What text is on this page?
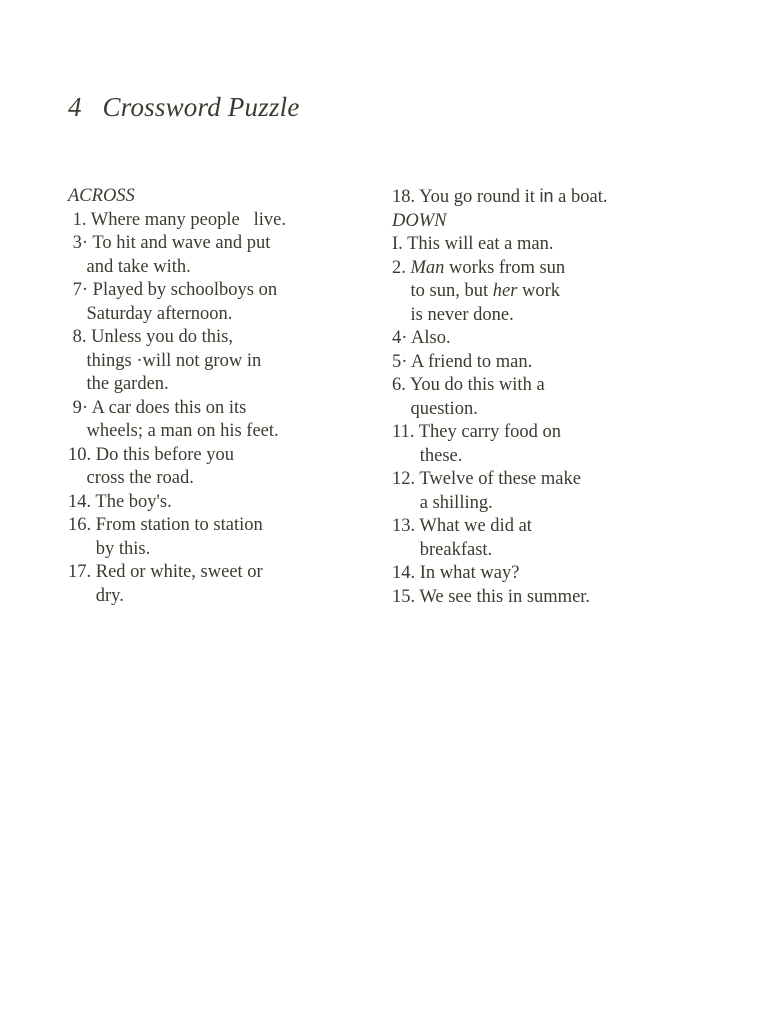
4   Crossword Puzzle
ACROSS
1. Where many people   live.
3· To hit and wave and put
and take with.
7· Played by schoolboys on
Saturday afternoon.
8. Unless you do this,
things ·will not grow in
the garden.
9· A car does this on its
wheels; a man on his feet.
10. Do this before you
cross the road.
14. The boy's.
16. From station to station
by this.
17. Red or white, sweet or
dry.
18. You go round it in a boat.
DOWN
I. This will eat a man.
2. Man works from sun
to sun, but her work
is never done.
4· Also.
5· A friend to man.
6. You do this with a
question.
11. They carry food on
these.
12. Twelve of these make
a shilling.
13. What we did at
breakfast.
14. In what way?
15. We see this in summer.
